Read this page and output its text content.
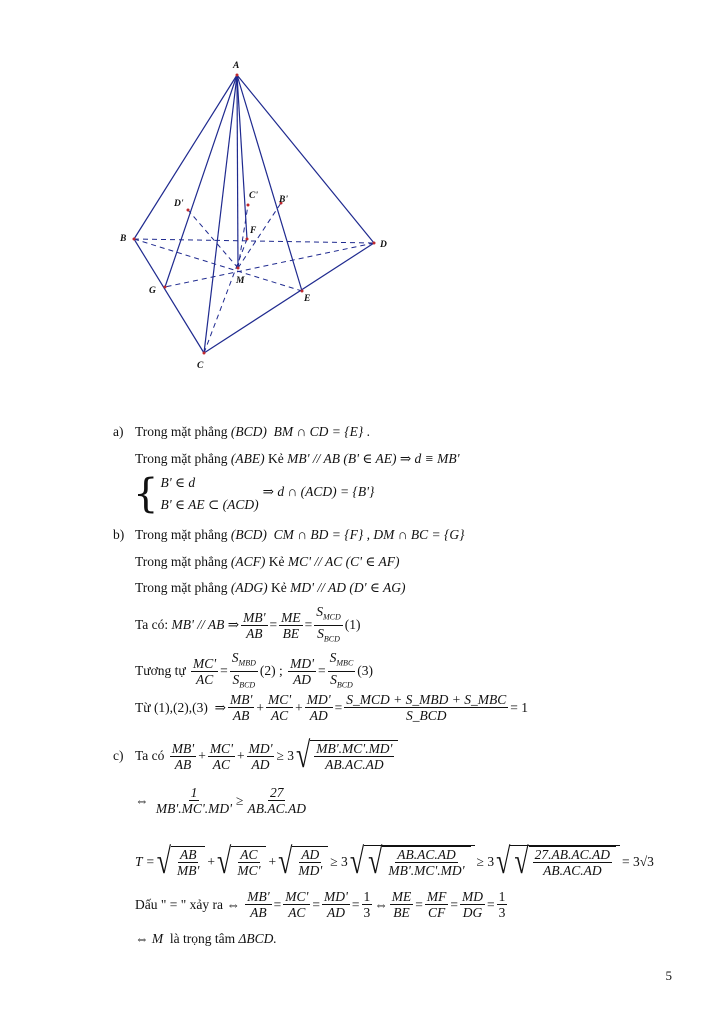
A
B
D
C
M
G
E
F
D'
C' B'
a) Trong mặt phẳng
(BCD)
BM ∩ CD = {E}
.
Trong mặt phẳng
(ABE)
Kẻ
MB' // AB (B' ∈ AE) ⇒ d ≡ MB'
{ B' ∈ d
B' ∈ AE ⊂ (ACD)
⇒ d ∩ (ACD) = {B'}
b) Trong mặt phẳng
(BCD)
CM ∩ BD = {F} , DM ∩ BC = {G}
Trong mặt phẳng
(ACF)
Kẻ
MC' // AC (C' ∈ AF)
Trong mặt phẳng
(ADG)
Kẻ
MD' // AD (D' ∈ AG)
Ta có:
MB' // AB ⇒ $\frac{MB'}{AB} = \frac{ME}{BE} = \frac{S_{MCD}}{S_{BCD}} (1)$
Tương tự
$\frac{MC'}{AC} = \frac{S_{MBD}}{S_{BCD}} (2)$ ;
$\frac{MD'}{AD} = \frac{S_{MBC}}{S_{BCD}} (3)$
Từ (1),(2),(3)
⇒ $\frac{MB'}{AB} + \frac{MC'}{AC} + \frac{MD'}{AD} = \frac{\text{S\_MCD + S\_MBD + S\_MBC}}{\text{S\_BCD}} = 1$
c) Ta có
$\frac{MB'}{AB} + \frac{MC'}{AC} + \frac{MD'}{AD} \ge 3$ √ $\frac{MB'.MC'.MD'}{AB.AC.AD}$
⇔
$\frac{1}{MB'.MC'.MD'} \ge \frac{27}{AB.AC.AD}$
T = √ $\frac{AB}{MB'}$ + √ $\frac{AC}{MC'}$ + √ $\frac{AD}{MD'} \ge 3$ √ √ $\frac{AB.AC.AD}{MB'.MC'.MD'} \ge 3$ √ √ $\frac{27.AB.AC.AD}{AB.AC.AD} = 3√3$
Dấu " = " xảy ra ⇔
$\frac{MB'}{AB} = \frac{MC'}{AC} = \frac{MD'}{AD} = \frac{1}{3}$ ⇔ $\frac{ME}{BE} = \frac{MF}{CF} = \frac{MD}{DG} = \frac{1}{3}$
⇔ M
là trọng tâm
ΔBCD.
5
